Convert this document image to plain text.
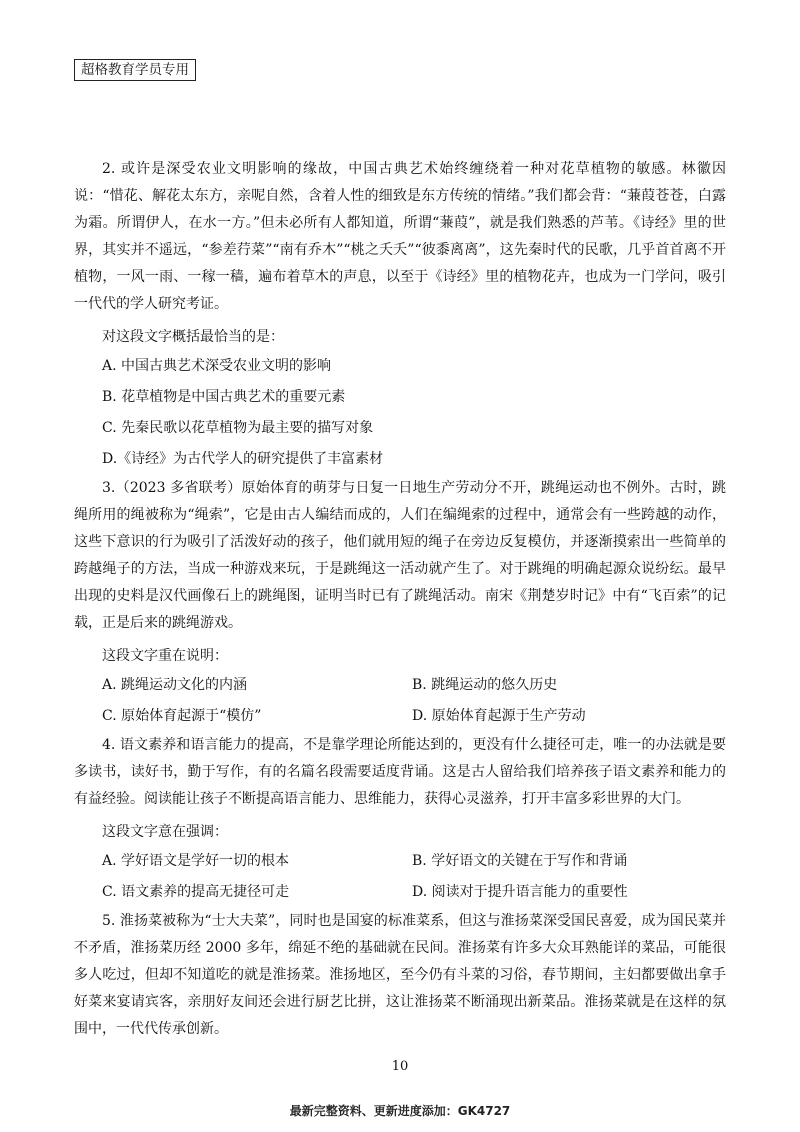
超格教育学员专用

2. 或许是深受农业文明影响的缘故，中国古典艺术始终缠绕着一种对花草植物的敏感。林徽因说：“惜花、解花太东方，亲呢自然，含着人性的细致是东方传统的情绪。”我们都会背：“蒹葭苍苍，白露为霜。所谓伊人，在水一方。”但未必所有人都知道，所谓“蒹葭”，就是我们熟悉的芦苇。《诗经》里的世界，其实并不遥远，“参差荇菜”“南有乔木”“桃之夭夭”“彼黍离离”，这先秦时代的民歌，几乎首首离不开植物，一风一雨、一稼一穑，遍布着草木的声息，以至于《诗经》里的植物花卉，也成为一门学问，吸引一代代的学人研究考证。

对这段文字概括最恰当的是：

A. 中国古典艺术深受农业文明的影响
B. 花草植物是中国古典艺术的重要元素
C. 先秦民歌以花草植物为最主要的描写对象
D.《诗经》为古代学人的研究提供了丰富素材

3.（2023 多省联考）原始体育的萌芽与日复一日地生产劳动分不开，跳绳运动也不例外。古时，跳绳所用的绳被称为“绳索”，它是由古人编结而成的，人们在编绳索的过程中，通常会有一些跨越的动作，这些下意识的行为吸引了活泼好动的孩子，他们就用短的绳子在旁边反复模仿，并逐渐摸索出一些简单的跨越绳子的方法，当成一种游戏来玩，于是跳绳这一活动就产生了。对于跳绳的明确起源众说纷纭。最早出现的史料是汉代画像石上的跳绳图，证明当时已有了跳绳活动。南宋《荆楚岁时记》中有“飞百索”的记载，正是后来的跳绳游戏。

这段文字重在说明：

A. 跳绳运动文化的内涵	B. 跳绳运动的悠久历史
C. 原始体育起源于“模仿”	D. 原始体育起源于生产劳动

4. 语文素养和语言能力的提高，不是靠学理论所能达到的，更没有什么捷径可走，唯一的办法就是要多读书，读好书，勤于写作，有的名篇名段需要适度背诵。这是古人留给我们培养孩子语文素养和能力的有益经验。阅读能让孩子不断提高语言能力、思维能力，获得心灵滋养，打开丰富多彩世界的大门。

这段文字意在强调：

A. 学好语文是学好一切的根本	B. 学好语文的关键在于写作和背诵
C. 语文素养的提高无捷径可走	D. 阅读对于提升语言能力的重要性

5. 淮扬菜被称为“士大夫菜”，同时也是国宴的标准菜系，但这与淮扬菜深受国民喜爱，成为国民菜并不矛盾，淮扬菜历经 2000 多年，绵延不绝的基础就在民间。淮扬菜有许多大众耳熟能详的菜品，可能很多人吃过，但却不知道吃的就是淮扬菜。淮扬地区，至今仍有斗菜的习俗，春节期间，主妇都要做出拿手好菜来宴请宾客，亲朋好友间还会进行厨艺比拼，这让淮扬菜不断涌现出新菜品。淮扬菜就是在这样的氛围中，一代代传承创新。

10
最新完整资料、更新进度添加：GK4727
